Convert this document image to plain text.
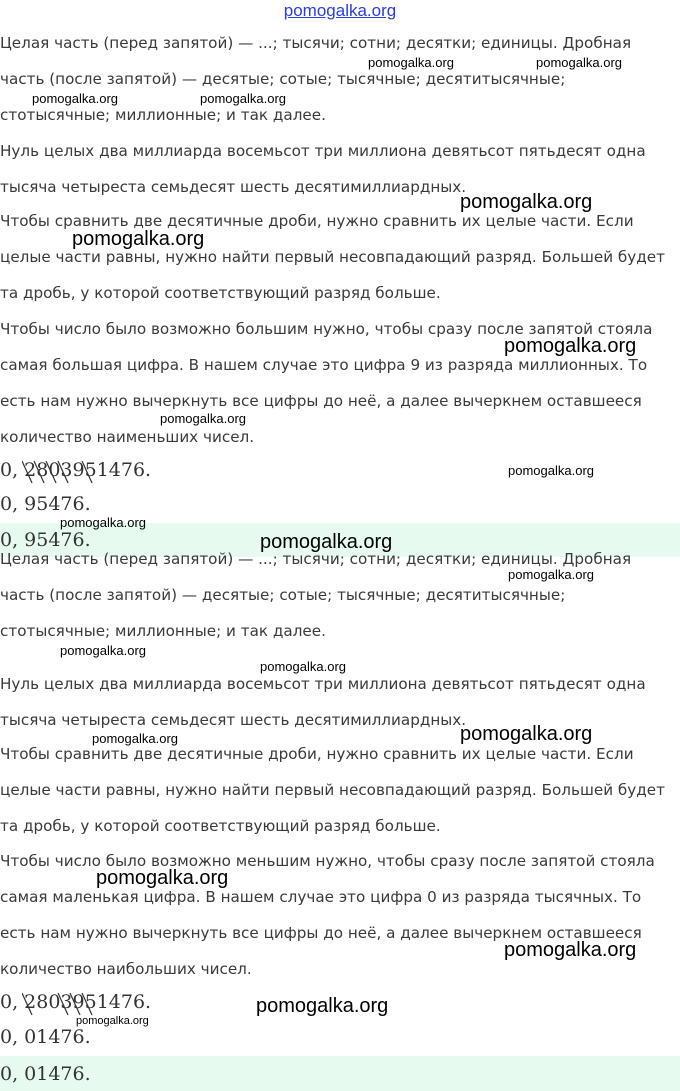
pomogalka.org

Целая часть (перед запятой) — ...; тысячи; сотни; десятки; единицы. Дробная часть (после запятой) — десятые; сотые; тысячные; десятитысячные; стотысячные; миллионные; и так далее.

Нуль целых два миллиарда восемьсот три миллиона девятьсот пятьдесят одна тысяча четыреста семьдесят шесть десятимиллиардных.

Чтобы сравнить две десятичные дроби, нужно сравнить их целые части. Если целые части равны, нужно найти первый несовпадающий разряд. Большей будет та дробь, у которой соответствующий разряд больше.

Чтобы число было возможно большим нужно, чтобы сразу после запятой стояла самая большая цифра. В нашем случае это цифра 9 из разряда миллионных. То есть нам нужно вычеркнуть все цифры до неё, а далее вычеркнем оставшееся количество наименьших чисел.

0, 2803951476.
0, 95476.
0, 95476.

Целая часть (перед запятой) — ...; тысячи; сотни; десятки; единицы. Дробная часть (после запятой) — десятые; сотые; тысячные; десятитысячные; стотысячные; миллионные; и так далее.

Нуль целых два миллиарда восемьсот три миллиона девятьсот пятьдесят одна тысяча четыреста семьдесят шесть десятимиллиардных.

Чтобы сравнить две десятичные дроби, нужно сравнить их целые части. Если целые части равны, нужно найти первый несовпадающий разряд. Большей будет та дробь, у которой соответствующий разряд больше.

Чтобы число было возможно меньшим нужно, чтобы сразу после запятой стояла самая маленькая цифра. В нашем случае это цифра 0 из разряда тысячных. То есть нам нужно вычеркнуть все цифры до неё, а далее вычеркнем оставшееся количество наибольших чисел.

0, 2803951476.
0, 01476.
0, 01476.
pomogalka.org	pomogalka.org
pomogalka.org	pomogalka.org
pomogalka.org
pomogalka.org
pomogalka.org
pomogalka.org
pomogalka.org
pomogalka.org
pomogalka.org
pomogalka.org
pomogalka.org
pomogalka.org
pomogalka.org	pomogalka.org
pomogalka.org
pomogalka.org
pomogalka.org
pomogalka.org
